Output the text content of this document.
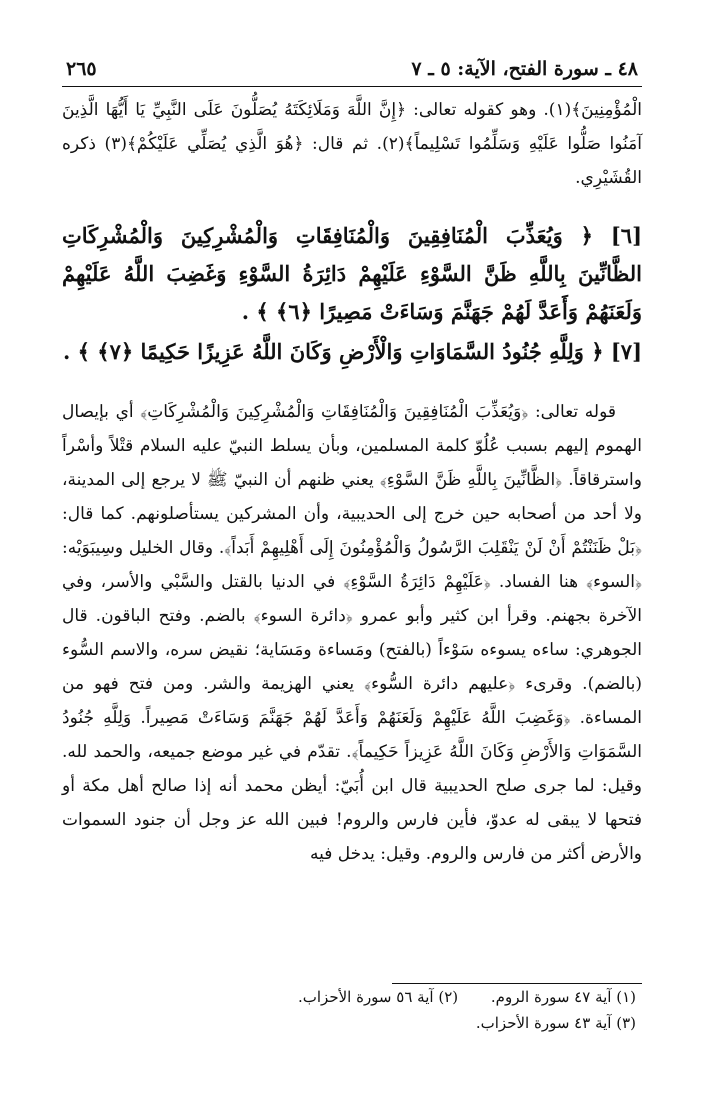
٤٨ ـ سورة الفتح، الآية: ٥ ـ ٧
٢٦٥

الْمُؤْمِنِينَ﴾(١). وهو كقوله تعالى: ﴿إِنَّ اللَّهَ وَمَلَائِكَتَهُ يُصَلُّونَ عَلَى النَّبِيِّ يَا أَيُّهَا الَّذِينَ آمَنُوا صَلُّوا عَلَيْهِ وَسَلِّمُوا تَسْلِيماً﴾(٢). ثم قال: ﴿هُوَ الَّذِي يُصَلِّي عَلَيْكُمْ﴾(٣) ذكره القُشَيْرِي.

[٦] ﴿ وَيُعَذِّبَ الْمُنَافِقِينَ وَالْمُنَافِقَاتِ وَالْمُشْرِكِينَ وَالْمُشْرِكَاتِ الظَّانِّينَ بِاللَّهِ ظَنَّ السَّوْءِ عَلَيْهِمْ دَائِرَةُ السَّوْءِ وَغَضِبَ اللَّهُ عَلَيْهِمْ وَلَعَنَهُمْ وَأَعَدَّ لَهُمْ جَهَنَّمَ وَسَاءَتْ مَصِيرًا ﴿٦﴾ ﴾ .

[٧] ﴿ وَلِلَّهِ جُنُودُ السَّمَاوَاتِ وَالْأَرْضِ وَكَانَ اللَّهُ عَزِيزًا حَكِيمًا ﴿٧﴾ ﴾ .

قوله تعالى: ﴿وَيُعَذِّبَ الْمُنَافِقِينَ وَالْمُنَافِقَاتِ وَالْمُشْرِكِينَ وَالْمُشْرِكَاتِ﴾ أي بإيصال الهموم إليهم بسبب عُلُوّ كلمة المسلمين، وبأن يسلط النبيّ عليه السلام قتْلاً وأسْراً واسترقاقاً. ﴿الظَّانِّينَ بِاللَّهِ ظَنَّ السَّوْءِ﴾ يعني ظنهم أن النبيّ ﷺ لا يرجع إلى المدينة، ولا أحد من أصحابه حين خرج إلى الحديبية، وأن المشركين يستأصلونهم. كما قال: ﴿بَلْ ظَنَنْتُمْ أَنْ لَنْ يَنْقَلِبَ الرَّسُولُ وَالْمُؤْمِنُونَ إِلَى أَهْلِيهِمْ أَبَداً﴾. وقال الخليل وسِيبَوَيْه: ﴿السوء﴾ هنا الفساد. ﴿عَلَيْهِمْ دَائِرَةُ السَّوْءِ﴾ في الدنيا بالقتل والسَّبْي والأسر، وفي الآخرة بجهنم. وقرأ ابن كثير وأبو عمرو ﴿دائرة السوء﴾ بالضم. وفتح الباقون. قال الجوهري: ساءه يسوءه سَوْءاً (بالفتح) ومَساءة ومَسَاية؛ نقيض سره، والاسم السُّوء (بالضم). وقرىء ﴿عليهم دائرة السُّوء﴾ يعني الهزيمة والشر. ومن فتح فهو من المساءة. ﴿وَغَضِبَ اللَّهُ عَلَيْهِمْ وَلَعَنَهُمْ وَأَعَدَّ لَهُمْ جَهَنَّمَ وَسَاءَتْ مَصِيراً. وَلِلَّهِ جُنُودُ السَّمَوَاتِ وَالأَرْضِ وَكَانَ اللَّهُ عَزِيزاً حَكِيماً﴾. تقدّم في غير موضع جميعه، والحمد لله. وقيل: لما جرى صلح الحديبية قال ابن أُبَيّ: أيظن محمد أنه إذا صالح أهل مكة أو فتحها لا يبقى له عدوّ، فأين فارس والروم! فبين الله عز وجل أن جنود السموات والأرض أكثر من فارس والروم. وقيل: يدخل فيه

(١) آية ٤٧ سورة الروم. (٢) آية ٥٦ سورة الأحزاب.

(٣) آية ٤٣ سورة الأحزاب.
